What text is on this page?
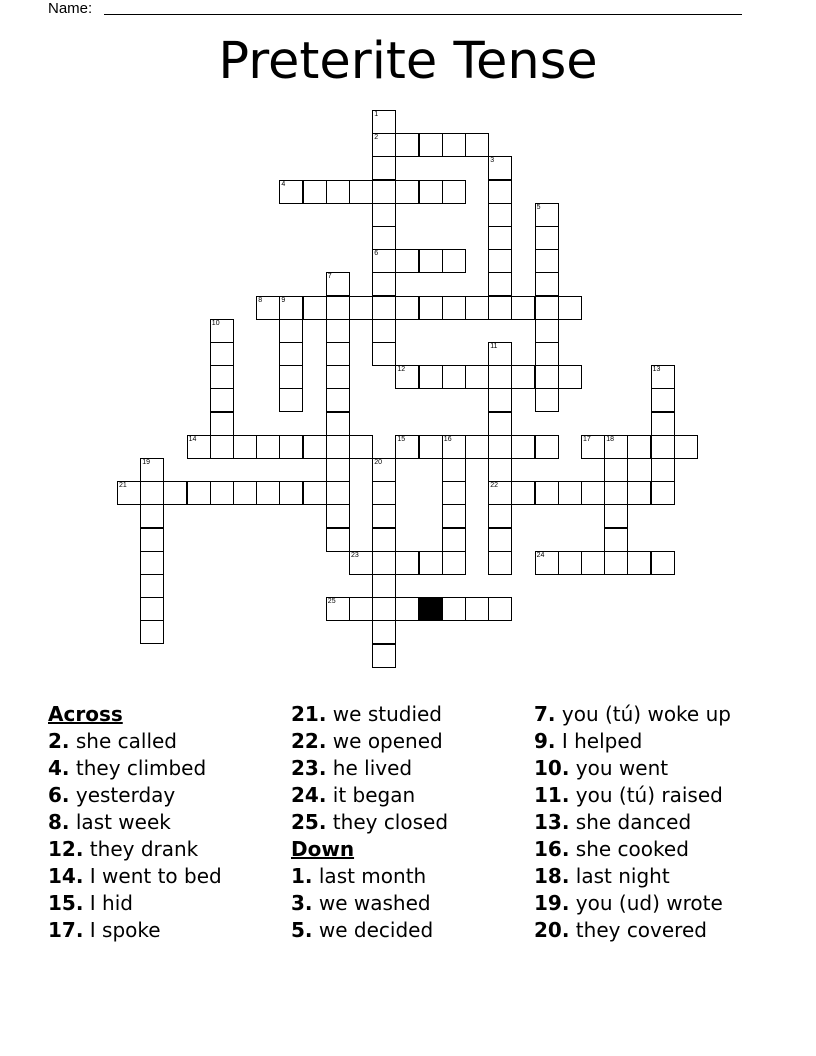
Name:
Preterite Tense
2
4
6
8	9
12
14	15	16	17 18
21	22
23	24
25
1
3
5
7
10
11
13
19	20
Across
2. she called
4. they climbed
6. yesterday
8. last week
12. they drank
14. I went to bed
15. I hid
17. I spoke
21. we studied
22. we opened
23. he lived
24. it began
25. they closed
Down
1. last month
3. we washed
5. we decided
7. you (tú) woke up
9. I helped
10. you went
11. you (tú) raised
13. she danced
16. she cooked
18. last night
19. you (ud) wrote
20. they covered
